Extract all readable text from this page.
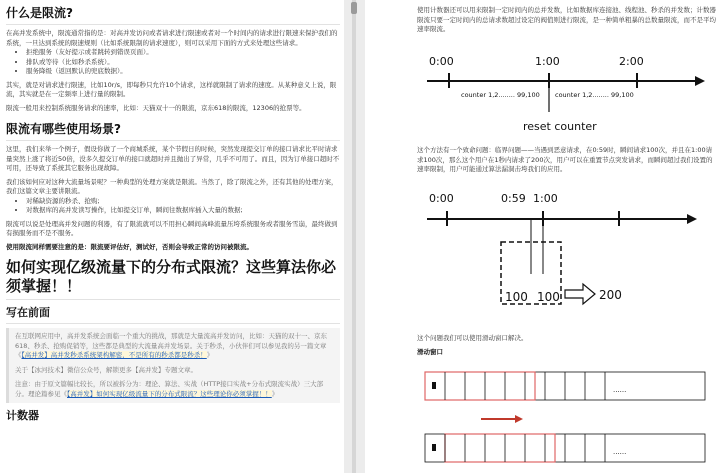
什么是限流?

在高并发系统中，限流通常指的是：对高并发访问或者请求进行限速或者对一个时间内的请求进行限速来保护我们的系统，一旦达到系统的限速规则（比如系统限制的请求速度），则可以采用下面的方式来处理这些请求。

• 拒绝服务（友好提示或者跳转到错误页面）。
• 排队或等待（比如秒杀系统）。
• 服务降级（返回默认的兜底数据）。

其实，就是对请求进行限速，比如10r/s，即每秒只允许10个请求，这样就限制了请求的速度。从某种意义上说，限流，其实就是在一定频率上进行量的限制。

限流一般用来控制系统服务请求的速率，比如：天猫双十一的限流，京东618的限流，12306的抢票等。

限流有哪些使用场景?

这里，我们来举一个例子，假设你做了一个商城系统，某个节假日的时候，突然发现提交订单的接口请求比平时请求量突然上涨了将近50倍，没多久提交订单的接口就超时并且抛出了异常，几乎不可用了。而且，因为订单接口超时不可用，还导致了系统其它服务出现故障。

我们该如何应对这种大流量场景呢？一种典型的处理方案就是限流。当然了，除了限流之外，还有其他的处理方案，我们这篇文章主要讲限流。

• 对稀缺资源的秒杀、抢购;
• 对数据库的高并发读写操作，比如提交订单，瞬间往数据库插入大量的数据;

限流可以说是处理高并发问题的利器，有了限流就可以不用担心瞬间高峰流量压垮系统服务或者服务雪崩，最终做到有损服务而不是不服务。

使用限流同样需要注意的是：限流要评估好，测试好，否则会导致正常的访问被限流。

如何实现亿级流量下的分布式限流？这些算法你必须掌握！！
写在前面

在互联网应用中，高并发系统会面临一个重大的挑战，那就是大量流高并发访问，比如：天猫的双十一、京东618、秒杀、抢购促销等，这些都是典型的大流量高并发场景。关于秒杀，小伙伴们可以参见我的另一篇文章《【高并发】高并发秒杀系统架构解密，不是所有的秒杀都是秒杀！》

关于【冰河技术】微信公众号，解锁更多【高并发】专题文章。

注意：由于原文篇幅比较长，所以被拆分为：理论、算法、实战（HTTP接口实战+分布式限流实战）三大部分。理论篇参见《【高并发】如何实现亿级流量下的分布式限流？这些理论你必须掌握！！》

计数器

使用计数器还可以用来限制一定时间内的总并发数，比如数据库连接池、线程池、秒杀的并发数；计数器限流只要一定时间内的总请求数超过设定的阀值则进行限流，是一种简单粗暴的总数量限流，而不是平均速率限流。

0:00	1:00	2:00
counter 1,2........ 99,100 counter 1,2........ 99,100
reset counter

这个方法有一个致命问题：临界问题——当遇到恶意请求，在0:59时，瞬间请求100次，并且在1:00请求100次，那么这个用户在1秒内请求了200次，用户可以在重置节点突发请求，而瞬间超过我们设置的速率限制，用户可能通过算法漏洞击垮我们的应用。

0:00	0:59 1:00
100 100	200

这个问题我们可以使用滑动窗口解决。

滑动窗口

......
......
